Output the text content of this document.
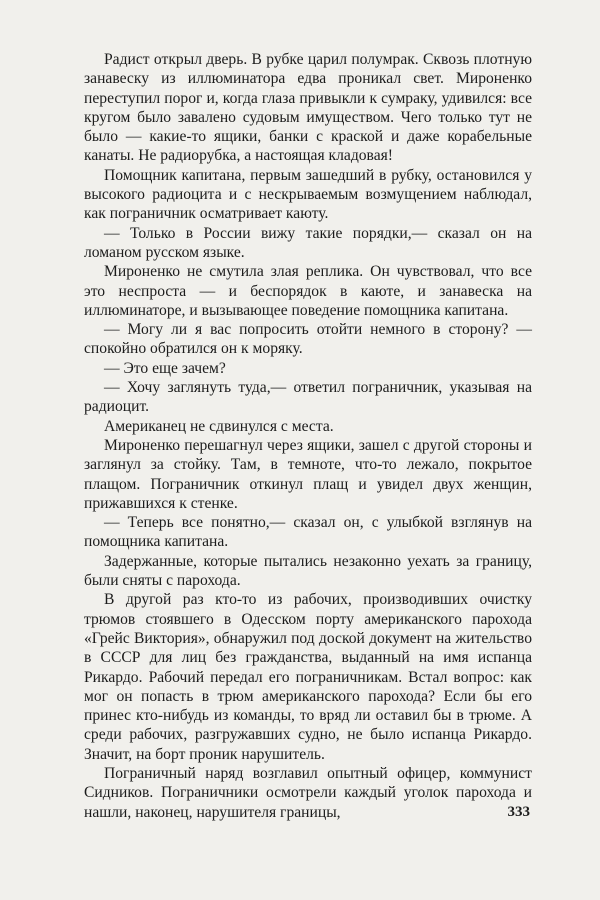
Радист открыл дверь. В рубке царил полумрак. Сквозь плотную занавеску из иллюминатора едва проникал свет. Мироненко переступил порог и, когда глаза привыкли к сумраку, удивился: все кругом было завалено судовым имуществом. Чего только тут не было — какие-то ящики, банки с краской и даже корабельные канаты. Не радиорубка, а настоящая кладовая!

Помощник капитана, первым зашедший в рубку, остановился у высокого радиоцита и с нескрываемым возмущением наблюдал, как пограничник осматривает каюту.

— Только в России вижу такие порядки,— сказал он на ломаном русском языке.

Мироненко не смутила злая реплика. Он чувствовал, что все это неспроста — и беспорядок в каюте, и занавеска на иллюминаторе, и вызывающее поведение помощника капитана.

— Могу ли я вас попросить отойти немного в сторону? — спокойно обратился он к моряку.

— Это еще зачем?

— Хочу заглянуть туда,— ответил пограничник, указывая на радиоцит.

Американец не сдвинулся с места.

Мироненко перешагнул через ящики, зашел с другой стороны и заглянул за стойку. Там, в темноте, что-то лежало, покрытое плащом. Пограничник откинул плащ и увидел двух женщин, прижавшихся к стенке.

— Теперь все понятно,— сказал он, с улыбкой взглянув на помощника капитана.

Задержанные, которые пытались незаконно уехать за границу, были сняты с парохода.

В другой раз кто-то из рабочих, производивших очистку трюмов стоявшего в Одесском порту американского парохода «Грейс Виктория», обнаружил под доской документ на жительство в СССР для лиц без гражданства, выданный на имя испанца Рикардо. Рабочий передал его пограничникам. Встал вопрос: как мог он попасть в трюм американского парохода? Если бы его принес кто-нибудь из команды, то вряд ли оставил бы в трюме. А среди рабочих, разгружавших судно, не было испанца Рикардо. Значит, на борт проник нарушитель.

Пограничный наряд возглавил опытный офицер, коммунист Сидников. Пограничники осмотрели каждый уголок парохода и нашли, наконец, нарушителя границы,	333
